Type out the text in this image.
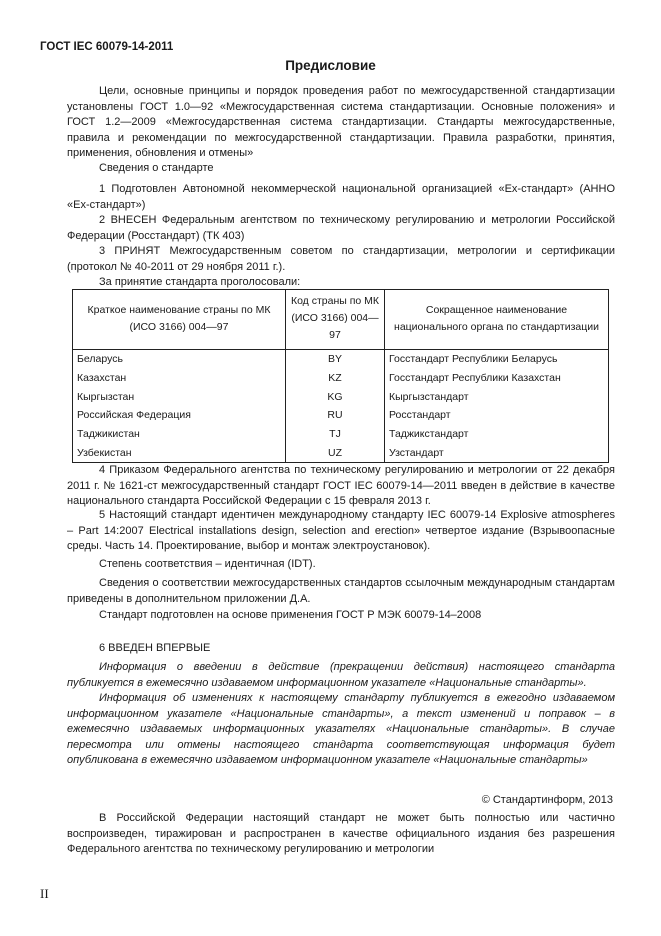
ГОСТ IEC 60079-14-2011
Предисловие

Цели, основные принципы и порядок проведения работ по межгосударственной стандартизации установлены ГОСТ 1.0—92 «Межгосударственная система стандартизации. Основные положения» и ГОСТ 1.2—2009 «Межгосударственная система стандартизации. Стандарты межгосударственные, правила и рекомендации по межгосударственной стандартизации. Правила разработки, принятия, применения, обновления и отмены»

Сведения о стандарте

1 Подготовлен Автономной некоммерческой национальной организацией «Ех-стандарт» (АННО «Ех-стандарт»)

2 ВНЕСЕН Федеральным агентством по техническому регулированию и метрологии Российской Федерации (Росстандарт) (ТК 403)

3 ПРИНЯТ Межгосударственным советом по стандартизации, метрологии и сертификации (протокол № 40-2011 от 29 ноября 2011 г.).

За принятие стандарта проголосовали:

Краткое наименование страны по МК (ИСО 3166) 004—97	Код страны по МК (ИСО 3166) 004—97	Сокращенное наименование национального органа по стандартизации
Беларусь	BY	Госстандарт Республики Беларусь
Казахстан	KZ	Госстандарт Республики Казахстан
Кыргызстан	KG	Кыргызстандарт
Российская Федерация	RU	Росстандарт
Таджикистан	TJ	Таджикстандарт
Узбекистан	UZ	Узстандарт

4 Приказом Федерального агентства по техническому регулированию и метрологии от 22 декабря 2011 г. № 1621-ст межгосударственный стандарт ГОСТ IEC 60079-14—2011 введен в действие в качестве национального стандарта Российской Федерации с 15 февраля 2013 г.

5 Настоящий стандарт идентичен международному стандарту IEC 60079-14 Explosive atmospheres – Part 14:2007 Electrical installations design, selection and erection» четвертое издание (Взрывоопасные среды. Часть 14. Проектирование, выбор и монтаж электроустановок).

Степень соответствия – идентичная (IDT).

Сведения о соответствии межгосударственных стандартов ссылочным международным стандартам приведены в дополнительном приложении Д.А.

Стандарт подготовлен на основе применения ГОСТ Р МЭК 60079-14–2008

6 ВВЕДЕН ВПЕРВЫЕ

Информация о введении в действие (прекращении действия) настоящего стандарта публикуется в ежемесячно издаваемом информационном указателе «Национальные стандарты».

Информация об изменениях к настоящему стандарту публикуется в ежегодно издаваемом информационном указателе «Национальные стандарты», а текст изменений и поправок – в ежемесячно издаваемых информационных указателях «Национальные стандарты». В случае пересмотра или отмены настоящего стандарта соответствующая информация будет опубликована в ежемесячно издаваемом информационном указателе «Национальные стандарты»

© Стандартинформ, 2013

В Российской Федерации настоящий стандарт не может быть полностью или частично воспроизведен, тиражирован и распространен в качестве официального издания без разрешения Федерального агентства по техническому регулированию и метрологии

II
